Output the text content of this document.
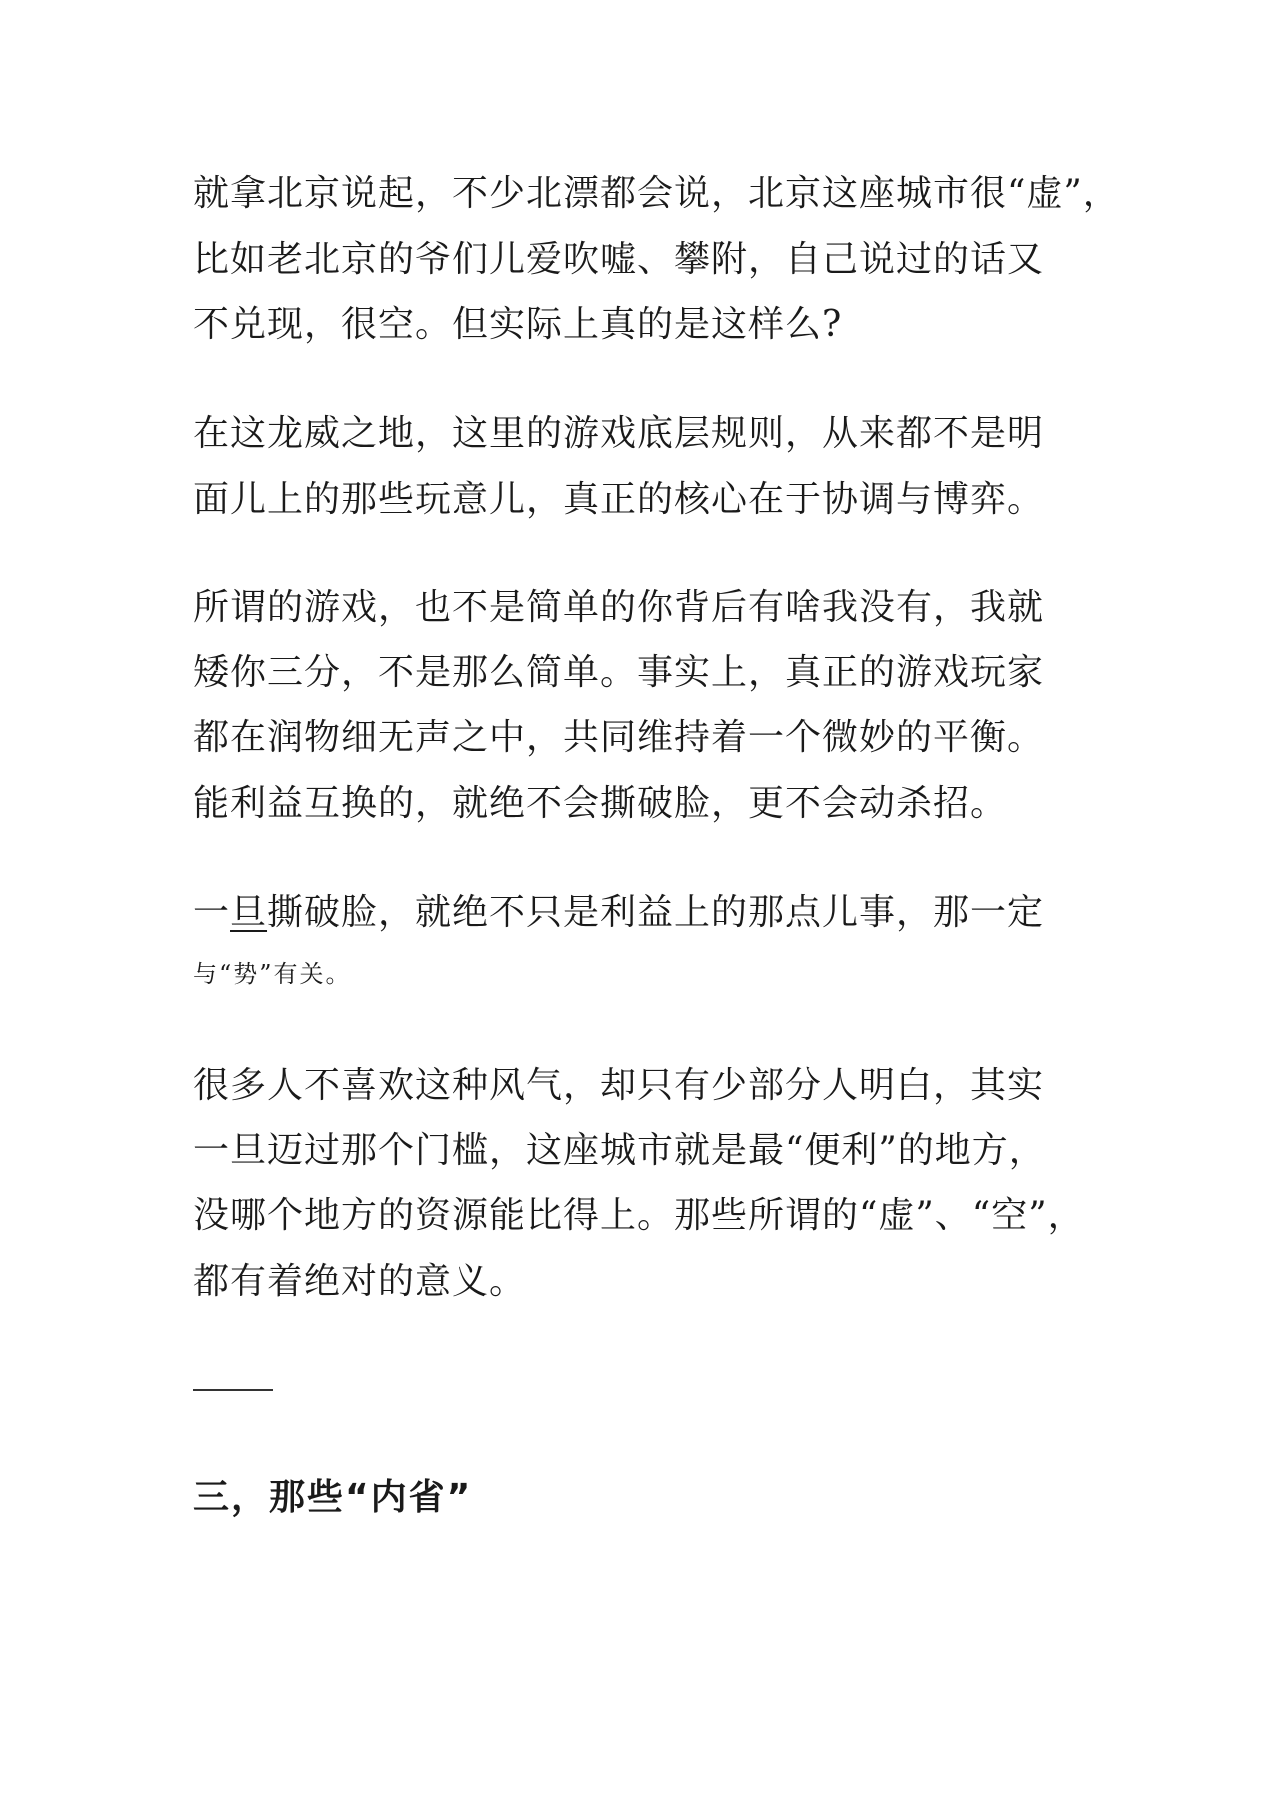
就拿北京说起，不少北漂都会说，北京这座城市很“虚”，
比如老北京的爷们儿爱吹嘘、攀附，自己说过的话又
不兑现，很空。但实际上真的是这样么?
在这龙威之地，这里的游戏底层规则，从来都不是明
面儿上的那些玩意儿，真正的核心在于协调与博弈。
所谓的游戏，也不是简单的你背后有啥我没有，我就
矮你三分，不是那么简单。事实上，真正的游戏玩家
都在润物细无声之中，共同维持着一个微妙的平衡。
能利益互换的，就绝不会撕破脸，更不会动杀招。
一旦撕破脸，就绝不只是利益上的那点儿事，那一定
与“势”有关。
很多人不喜欢这种风气，却只有少部分人明白，其实
一旦迈过那个门槛，这座城市就是最“便利”的地方，
没哪个地方的资源能比得上。那些所谓的“虚”、“空”，
都有着绝对的意义。
三，那些“内省”
